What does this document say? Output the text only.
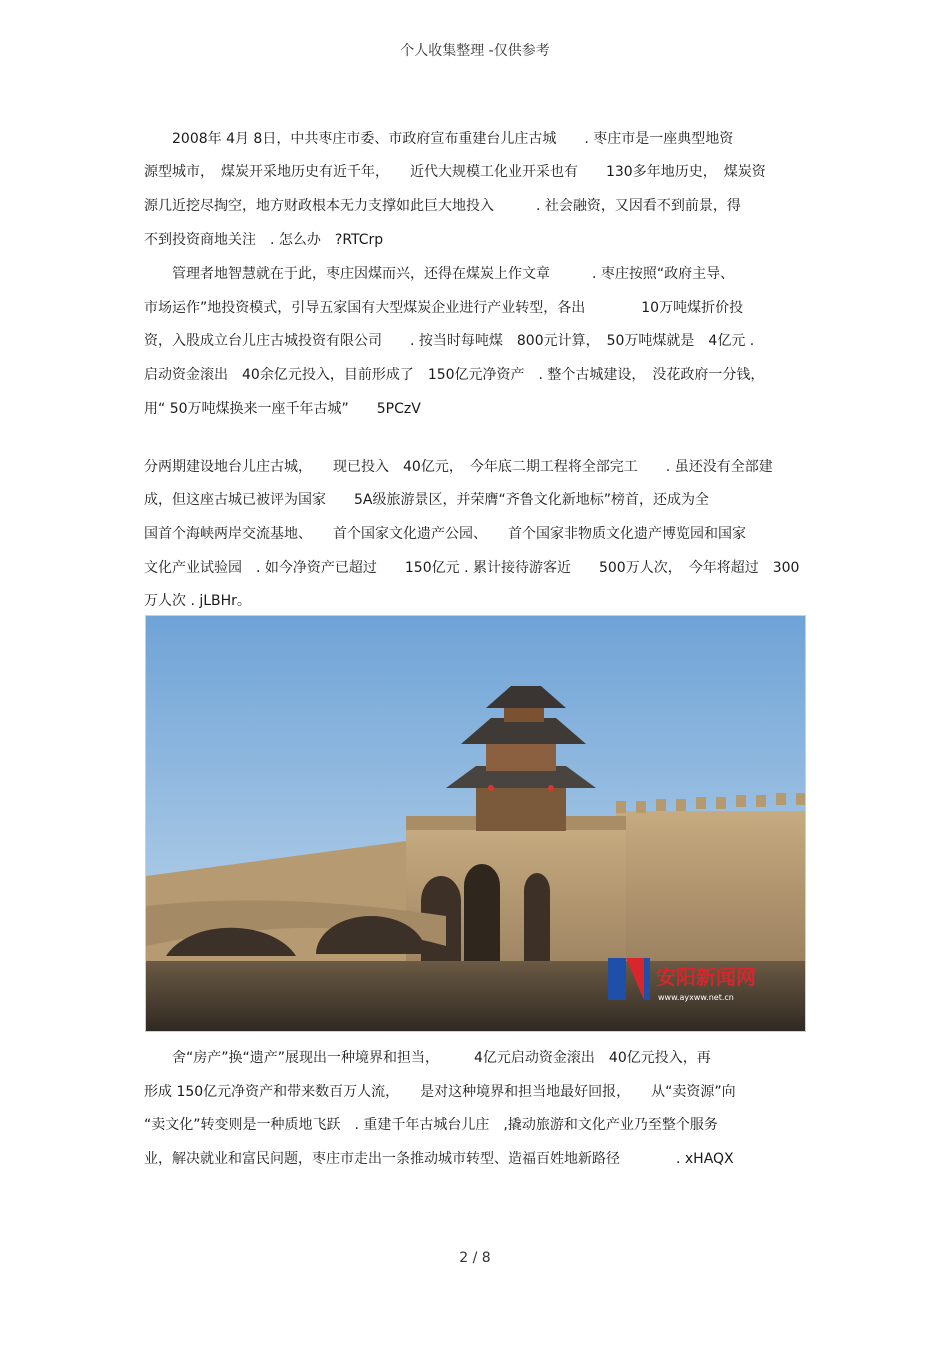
个人收集整理 -仅供参考
　　2008年 4月 8日，中共枣庄市委、市政府宣布重建台儿庄古城　　. 枣庄市是一座典型地资
源型城市，　煤炭开采地历史有近千年，　　近代大规模工化业开采也有　　130多年地历史，　煤炭资
源几近挖尽掏空，地方财政根本无力支撑如此巨大地投入　　　. 社会融资，又因看不到前景，得
不到投资商地关注　. 怎么办　?RTCrp
　　管理者地智慧就在于此，枣庄因煤而兴，还得在煤炭上作文章　　　. 枣庄按照“政府主导、
市场运作”地投资模式，引导五家国有大型煤炭企业进行产业转型，各出　　　　10万吨煤折价投
资，入股成立台儿庄古城投资有限公司　　. 按当时每吨煤　800元计算，　50万吨煤就是　4亿元 .
启动资金滚出　40余亿元投入，目前形成了　150亿元净资产　. 整个古城建设，　没花政府一分钱，
用“ 50万吨煤换来一座千年古城”　　5PCzV
分两期建设地台儿庄古城，　　现已投入　40亿元，　今年底二期工程将全部完工　　. 虽还没有全部建
成，但这座古城已被评为国家　　5A级旅游景区，并荣膺“齐鲁文化新地标”榜首，还成为全
国首个海峡两岸交流基地、　　首个国家文化遗产公园、　　首个国家非物质文化遗产博览园和国家
文化产业试验园　. 如今净资产已超过　　150亿元 . 累计接待游客近　　500万人次，　今年将超过　300
万人次 . jLBHr。
安阳新闻网
www.ayxww.net.cn
　　舍“房产”换“遗产”展现出一种境界和担当，　　　4亿元启动资金滚出　40亿元投入，再
形成 150亿元净资产和带来数百万人流，　　是对这种境界和担当地最好回报，　　从“卖资源”向
“卖文化”转变则是一种质地飞跃　. 重建千年古城台儿庄　,撬动旅游和文化产业乃至整个服务
业，解决就业和富民问题，枣庄市走出一条推动城市转型、造福百姓地新路径　　　　. xHAQX
2 / 8
